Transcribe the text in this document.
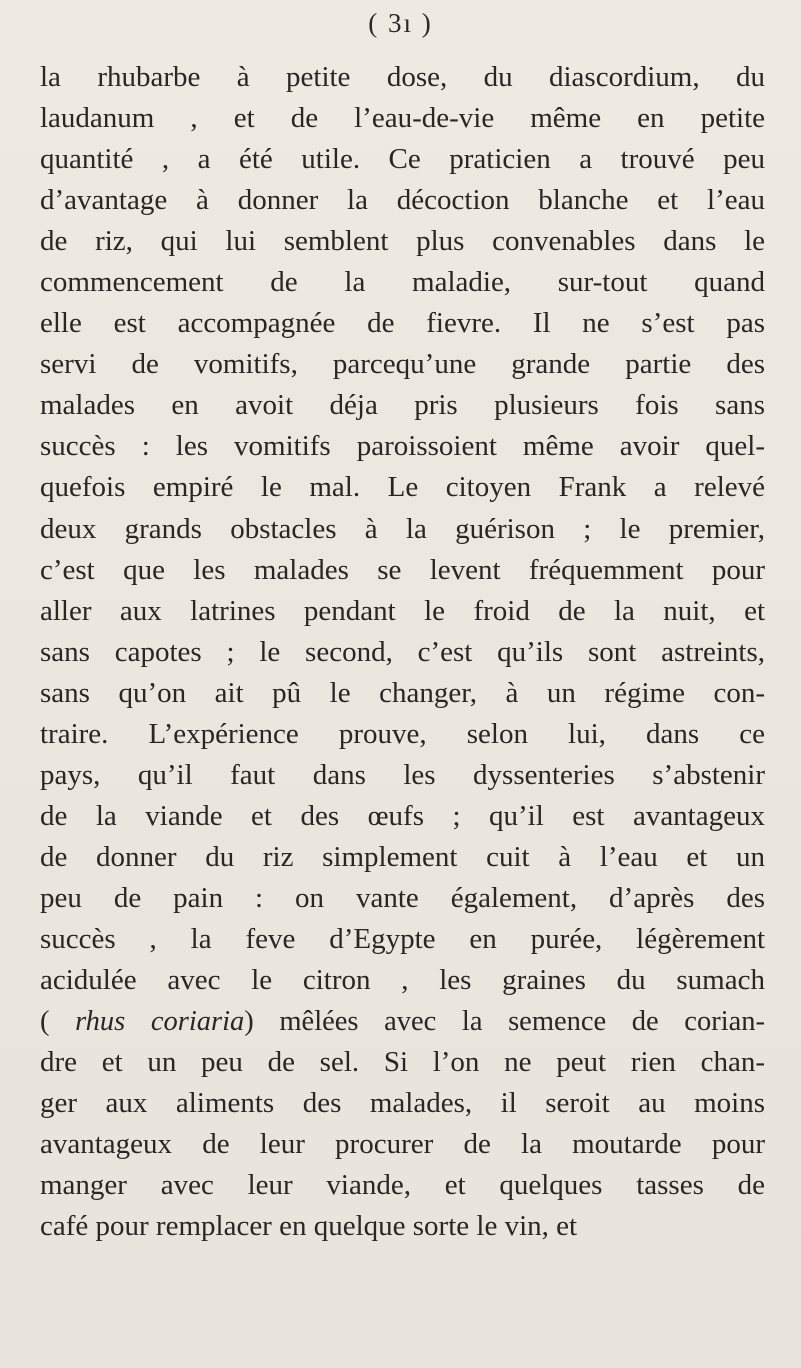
( 3ı )
la rhubarbe à petite dose, du diascordium, du
laudanum , et de l’eau-de-vie même en petite
quantité , a été utile. Ce praticien a trouvé peu
d’avantage à donner la décoction blanche et l’eau
de riz, qui lui semblent plus convenables dans le
commencement de la maladie, sur-tout quand
elle est accompagnée de fievre. Il ne s’est pas
servi de vomitifs, parcequ’une grande partie des
malades en avoit déja pris plusieurs fois sans
succès : les vomitifs paroissoient même avoir quel-
quefois empiré le mal. Le citoyen Frank a relevé
deux grands obstacles à la guérison ; le premier,
c’est que les malades se levent fréquemment pour
aller aux latrines pendant le froid de la nuit, et
sans capotes ; le second, c’est qu’ils sont astreints,
sans qu’on ait pû le changer, à un régime con-
traire. L’expérience prouve, selon lui, dans ce
pays, qu’il faut dans les dyssenteries s’abstenir
de la viande et des œufs ; qu’il est avantageux
de donner du riz simplement cuit à l’eau et un
peu de pain : on vante également, d’après des
succès , la feve d’Egypte en purée, légèrement
acidulée avec le citron , les graines du sumach
( rhus coriaria) mêlées avec la semence de corian-
dre et un peu de sel. Si l’on ne peut rien chan-
ger aux aliments des malades, il seroit au moins
avantageux de leur procurer de la moutarde pour
manger avec leur viande, et quelques tasses de
café pour remplacer en quelque sorte le vin, et
